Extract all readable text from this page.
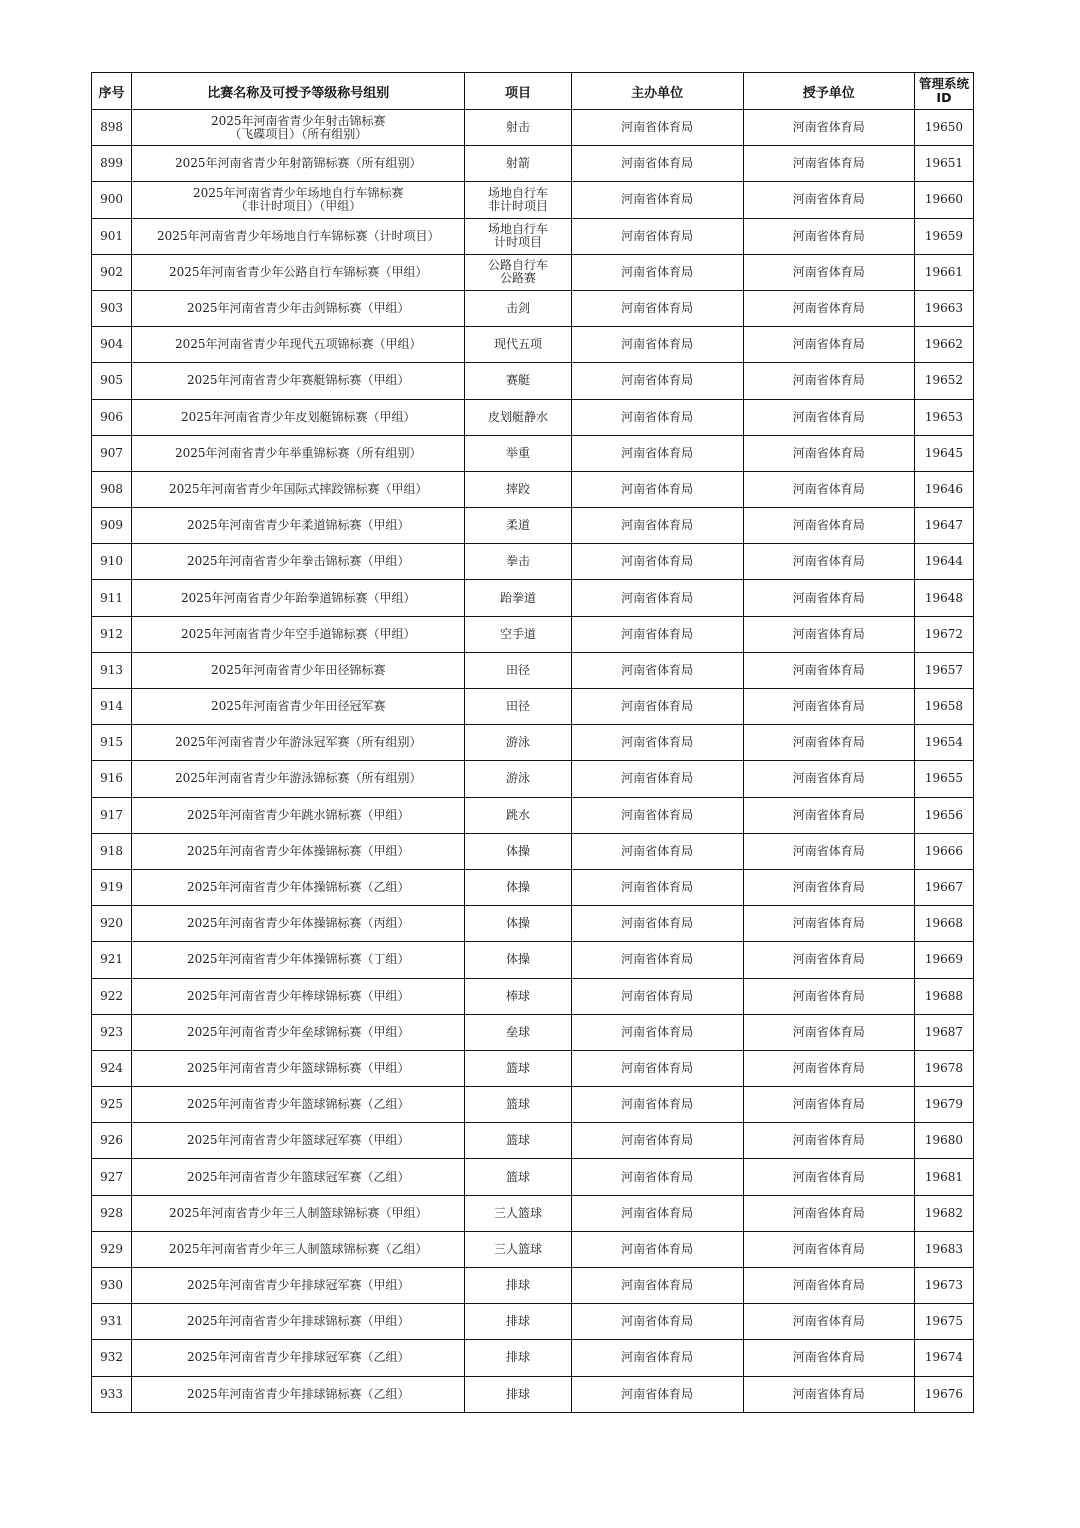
序号	比赛名称及可授予等级称号组别	项目	主办单位	授予单位	管理系统
ID

898	2025年河南省青少年射击锦标赛
（飞碟项目）（所有组别）	射击	河南省体育局	河南省体育局	19650
899	2025年河南省青少年射箭锦标赛（所有组别）	射箭	河南省体育局	河南省体育局	19651
900	2025年河南省青少年场地自行车锦标赛
（非计时项目）（甲组）	场地自行车
非计时项目	河南省体育局	河南省体育局	19660
901	2025年河南省青少年场地自行车锦标赛（计时项目）	场地自行车
计时项目	河南省体育局	河南省体育局	19659
902	2025年河南省青少年公路自行车锦标赛（甲组）	公路自行车
公路赛	河南省体育局	河南省体育局	19661
903	2025年河南省青少年击剑锦标赛（甲组）	击剑	河南省体育局	河南省体育局	19663
904	2025年河南省青少年现代五项锦标赛（甲组）	现代五项	河南省体育局	河南省体育局	19662
905	2025年河南省青少年赛艇锦标赛（甲组）	赛艇	河南省体育局	河南省体育局	19652
906	2025年河南省青少年皮划艇锦标赛（甲组）	皮划艇静水	河南省体育局	河南省体育局	19653
907	2025年河南省青少年举重锦标赛（所有组别）	举重	河南省体育局	河南省体育局	19645
908	2025年河南省青少年国际式摔跤锦标赛（甲组）	摔跤	河南省体育局	河南省体育局	19646
909	2025年河南省青少年柔道锦标赛（甲组）	柔道	河南省体育局	河南省体育局	19647
910	2025年河南省青少年拳击锦标赛（甲组）	拳击	河南省体育局	河南省体育局	19644
911	2025年河南省青少年跆拳道锦标赛（甲组）	跆拳道	河南省体育局	河南省体育局	19648
912	2025年河南省青少年空手道锦标赛（甲组）	空手道	河南省体育局	河南省体育局	19672
913	2025年河南省青少年田径锦标赛	田径	河南省体育局	河南省体育局	19657
914	2025年河南省青少年田径冠军赛	田径	河南省体育局	河南省体育局	19658
915	2025年河南省青少年游泳冠军赛（所有组别）	游泳	河南省体育局	河南省体育局	19654
916	2025年河南省青少年游泳锦标赛（所有组别）	游泳	河南省体育局	河南省体育局	19655
917	2025年河南省青少年跳水锦标赛（甲组）	跳水	河南省体育局	河南省体育局	19656
918	2025年河南省青少年体操锦标赛（甲组）	体操	河南省体育局	河南省体育局	19666
919	2025年河南省青少年体操锦标赛（乙组）	体操	河南省体育局	河南省体育局	19667
920	2025年河南省青少年体操锦标赛（丙组）	体操	河南省体育局	河南省体育局	19668
921	2025年河南省青少年体操锦标赛（丁组）	体操	河南省体育局	河南省体育局	19669
922	2025年河南省青少年棒球锦标赛（甲组）	棒球	河南省体育局	河南省体育局	19688
923	2025年河南省青少年垒球锦标赛（甲组）	垒球	河南省体育局	河南省体育局	19687
924	2025年河南省青少年篮球锦标赛（甲组）	篮球	河南省体育局	河南省体育局	19678
925	2025年河南省青少年篮球锦标赛（乙组）	篮球	河南省体育局	河南省体育局	19679
926	2025年河南省青少年篮球冠军赛（甲组）	篮球	河南省体育局	河南省体育局	19680
927	2025年河南省青少年篮球冠军赛（乙组）	篮球	河南省体育局	河南省体育局	19681
928	2025年河南省青少年三人制篮球锦标赛（甲组）	三人篮球	河南省体育局	河南省体育局	19682
929	2025年河南省青少年三人制篮球锦标赛（乙组）	三人篮球	河南省体育局	河南省体育局	19683
930	2025年河南省青少年排球冠军赛（甲组）	排球	河南省体育局	河南省体育局	19673
931	2025年河南省青少年排球锦标赛（甲组）	排球	河南省体育局	河南省体育局	19675
932	2025年河南省青少年排球冠军赛（乙组）	排球	河南省体育局	河南省体育局	19674
933	2025年河南省青少年排球锦标赛（乙组）	排球	河南省体育局	河南省体育局	19676
